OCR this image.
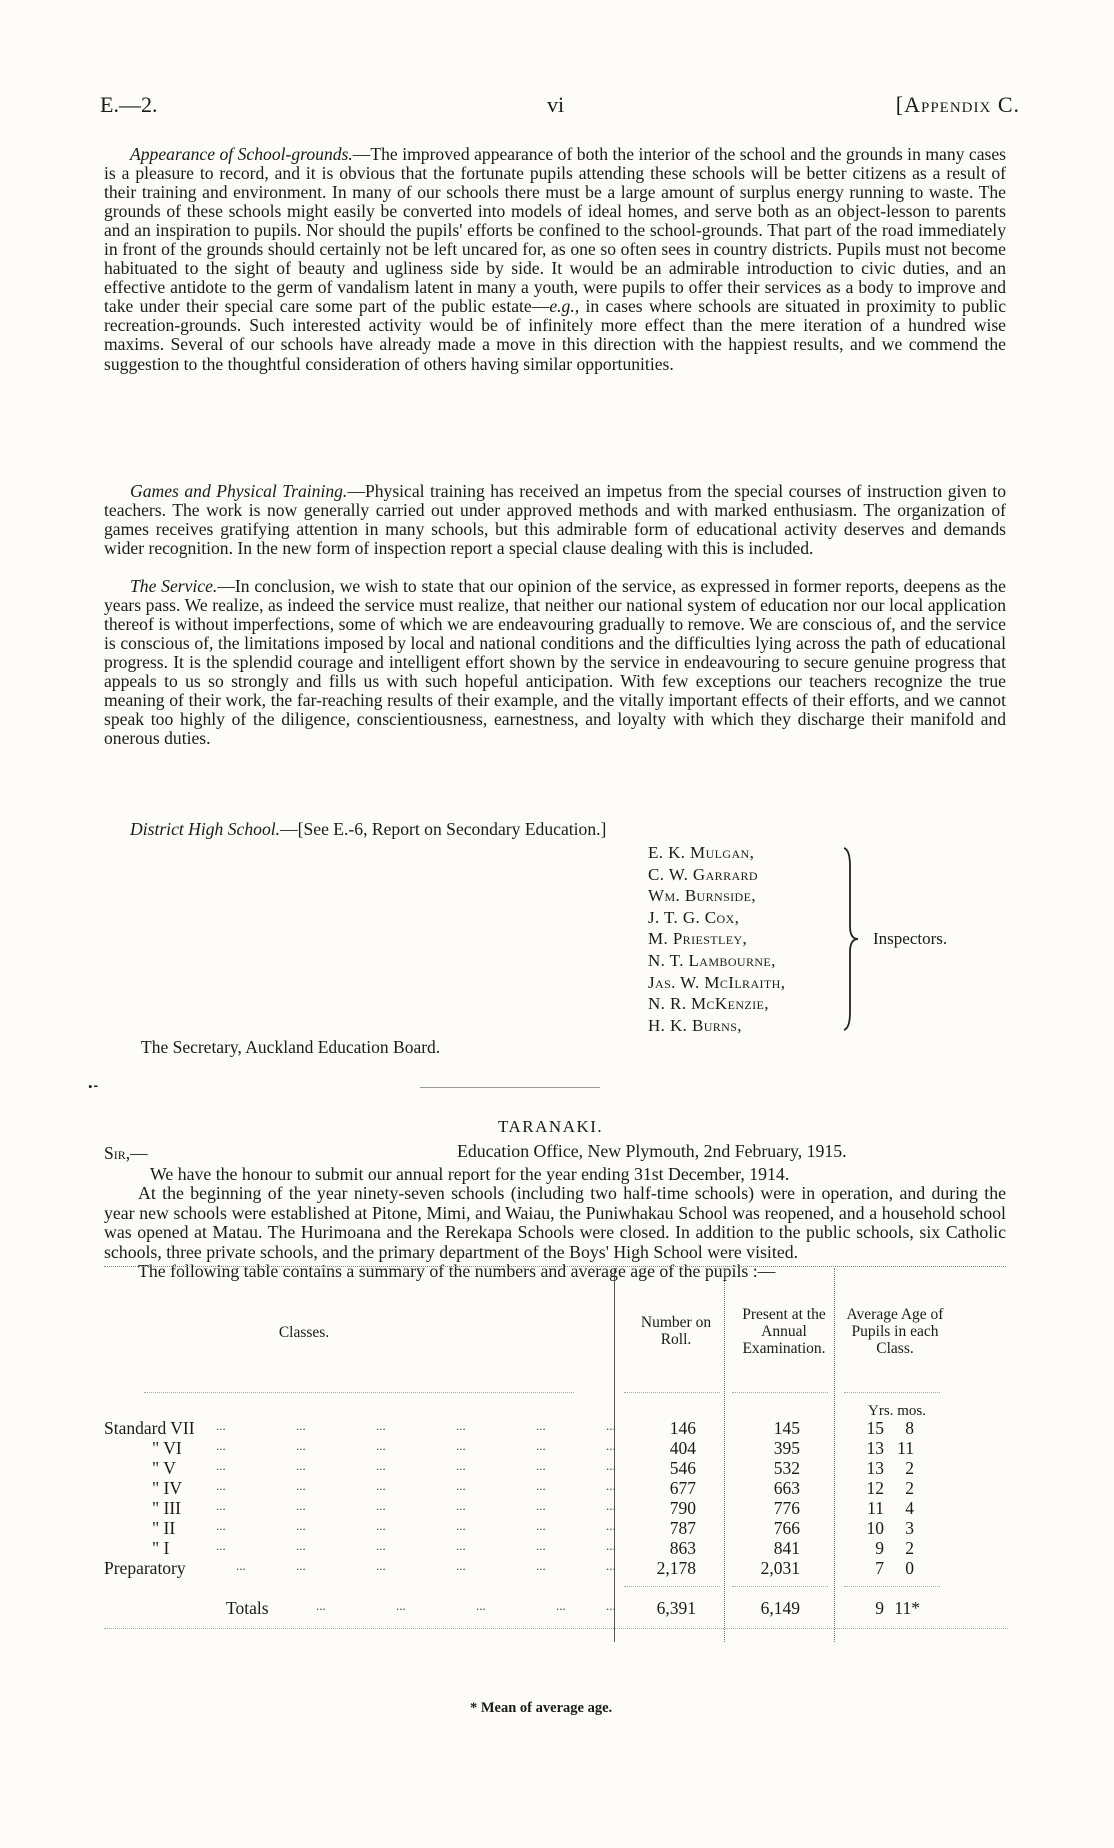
E.—2.	vi	[Appendix C.

Appearance of School-grounds.—The improved appearance of both the interior of the school and the grounds in many cases is a pleasure to record, and it is obvious that the fortunate pupils attending these schools will be better citizens as a result of their training and environment. In many of our schools there must be a large amount of surplus energy running to waste. The grounds of these schools might easily be converted into models of ideal homes, and serve both as an object-lesson to parents and an inspiration to pupils. Nor should the pupils' efforts be confined to the school-grounds. That part of the road immediately in front of the grounds should certainly not be left uncared for, as one so often sees in country districts. Pupils must not become habituated to the sight of beauty and ugliness side by side. It would be an admirable introduction to civic duties, and an effective antidote to the germ of vandalism latent in many a youth, were pupils to offer their services as a body to improve and take under their special care some part of the public estate—e.g., in cases where schools are situated in proximity to public recreation-grounds. Such interested activity would be of infinitely more effect than the mere iteration of a hundred wise maxims. Several of our schools have already made a move in this direction with the happiest results, and we commend the suggestion to the thoughtful consideration of others having similar opportunities.

Games and Physical Training.—Physical training has received an impetus from the special courses of instruction given to teachers. The work is now generally carried out under approved methods and with marked enthusiasm. The organization of games receives gratifying attention in many schools, but this admirable form of educational activity deserves and demands wider recognition. In the new form of inspection report a special clause dealing with this is included.

The Service.—In conclusion, we wish to state that our opinion of the service, as expressed in former reports, deepens as the years pass. We realize, as indeed the service must realize, that neither our national system of education nor our local application thereof is without imperfections, some of which we are endeavouring gradually to remove. We are conscious of, and the service is conscious of, the limitations imposed by local and national conditions and the difficulties lying across the path of educational progress. It is the splendid courage and intelligent effort shown by the service in endeavouring to secure genuine progress that appeals to us so strongly and fills us with such hopeful anticipation. With few exceptions our teachers recognize the true meaning of their work, the far-reaching results of their example, and the vitally important effects of their efforts, and we cannot speak too highly of the diligence, conscientiousness, earnestness, and loyalty with which they discharge their manifold and onerous duties.

District High School.—[See E.-6, Report on Secondary Education.]

E. K. Mulgan,
C. W. Garrard
Wm. Burnside,
J. T. G. Cox,
M. Priestley,
N. T. Lambourne,
Jas. W. McIlraith,
N. R. McKenzie,
H. K. Burns,
Inspectors.
The Secretary, Auckland Education Board.
•⁃
TARANAKI.
Sir,—	Education Office, New Plymouth, 2nd February, 1915.

We have the honour to submit our annual report for the year ending 31st December, 1914.

At the beginning of the year ninety-seven schools (including two half-time schools) were in operation, and during the year new schools were established at Pitone, Mimi, and Waiau, the Puniwhakau School was reopened, and a household school was opened at Matau. The Hurimoana and the Rerekapa Schools were closed. In addition to the public schools, six Catholic schools, three private schools, and the primary department of the Boys' High School were visited.

The following table contains a summary of the numbers and average age of the pupils :—

Classes.
Number on Roll.
Present at the Annual Examination.
Average Age of Pupils in each Class.
Yrs. mos.
Standard VII	146	145	15	8
...	...	...	...	...	...
" VI	404	395	13 11
...	...	...	...	...	...
" V	546	532	13	2
...	...	...	...	...	...
" IV	677	663	12	2
...	...	...	...	...	...
" III	790	776	11	4
...	...	...	...	...	...
" II	787	766	10	3
...	...	...	...	...	...
" I	863	841	9	2
...	...	...	...	...	...
Preparatory	2,178	2,031	7	0
...	...	...	...	...	...
Totals	6,391	6,149	9 11*
...	...	...	...	...
* Mean of average age.
